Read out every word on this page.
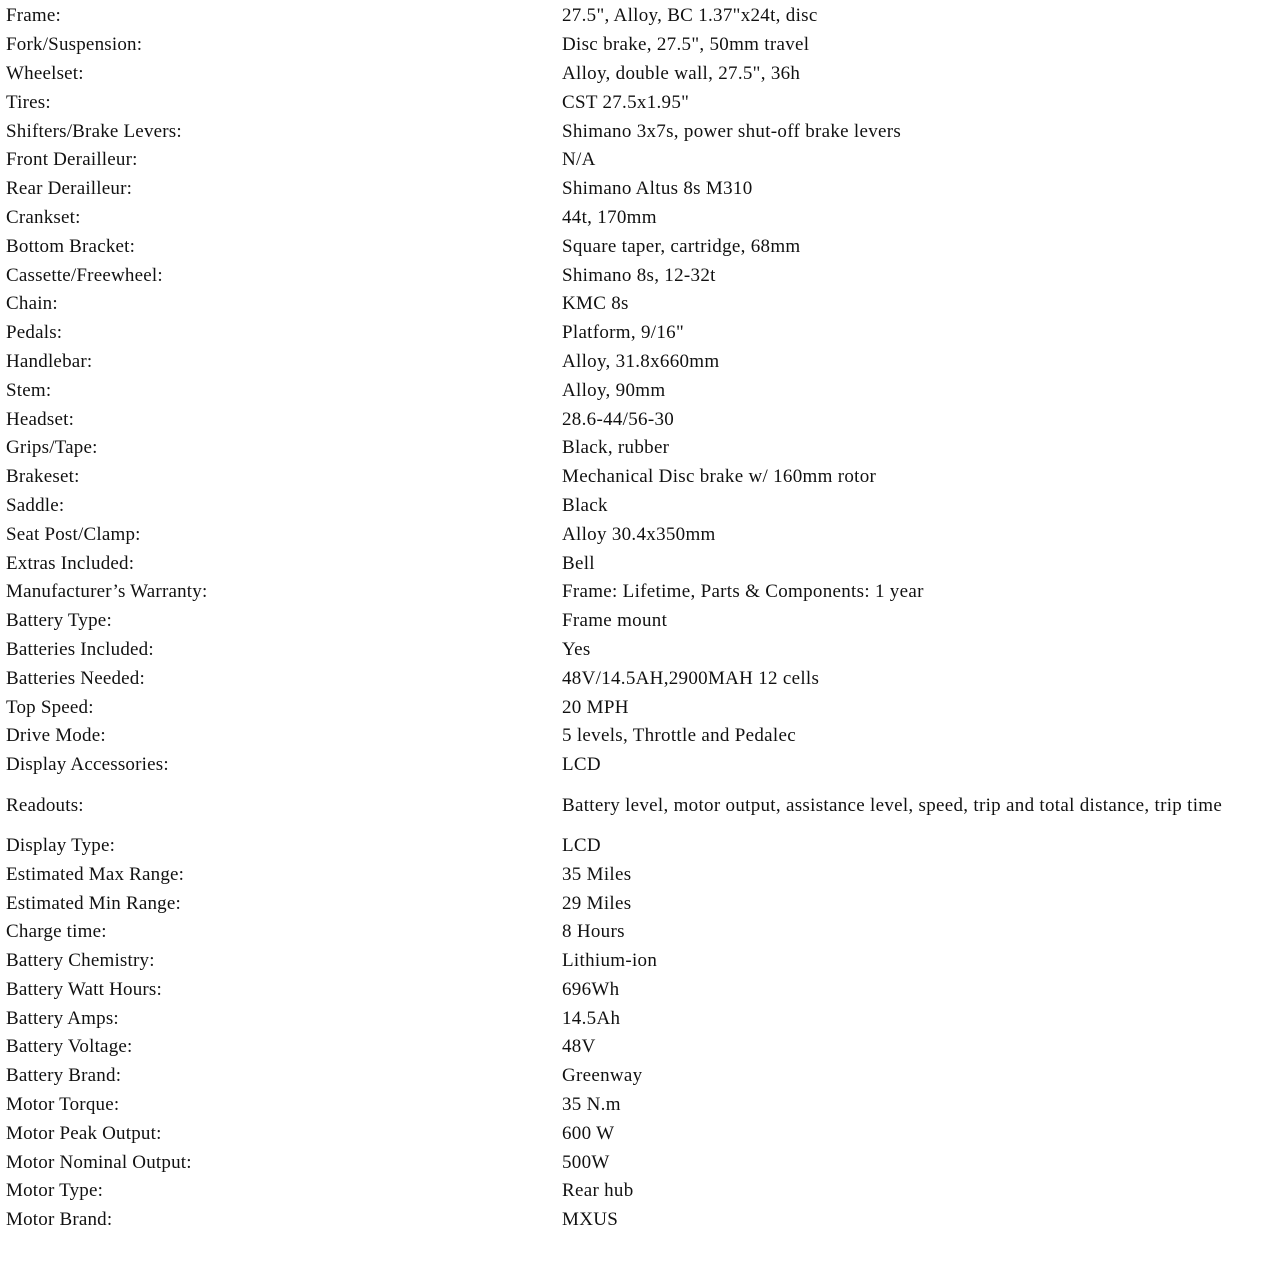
Frame:	27.5", Alloy, BC 1.37"x24t, disc
Fork/Suspension:	Disc brake, 27.5", 50mm travel
Wheelset:	Alloy, double wall, 27.5", 36h
Tires:	CST 27.5x1.95"
Shifters/Brake Levers:	Shimano 3x7s, power shut-off brake levers
Front Derailleur:	N/A
Rear Derailleur:	Shimano Altus 8s M310
Crankset:	44t, 170mm
Bottom Bracket:	Square taper, cartridge, 68mm
Cassette/Freewheel:	Shimano 8s, 12-32t
Chain:	KMC 8s
Pedals:	Platform, 9/16"
Handlebar:	Alloy, 31.8x660mm
Stem:	Alloy, 90mm
Headset:	28.6-44/56-30
Grips/Tape:	Black, rubber
Brakeset:	Mechanical Disc brake w/ 160mm rotor
Saddle:	Black
Seat Post/Clamp:	Alloy 30.4x350mm
Extras Included:	Bell
Manufacturer’s Warranty:	Frame: Lifetime, Parts & Components: 1 year
Battery Type:	Frame mount
Batteries Included:	Yes
Batteries Needed:	48V/14.5AH,2900MAH 12 cells
Top Speed:	20 MPH
Drive Mode:	5 levels, Throttle and Pedalec
Display Accessories:	LCD
Readouts:	Battery level, motor output, assistance level, speed, trip and total distance, trip time
Display Type:	LCD
Estimated Max Range:	35 Miles
Estimated Min Range:	29 Miles
Charge time:	8 Hours
Battery Chemistry:	Lithium-ion
Battery Watt Hours:	696Wh
Battery Amps:	14.5Ah
Battery Voltage:	48V
Battery Brand:	Greenway
Motor Torque:	35 N.m
Motor Peak Output:	600 W
Motor Nominal Output:	500W
Motor Type:	Rear hub
Motor Brand:	MXUS
